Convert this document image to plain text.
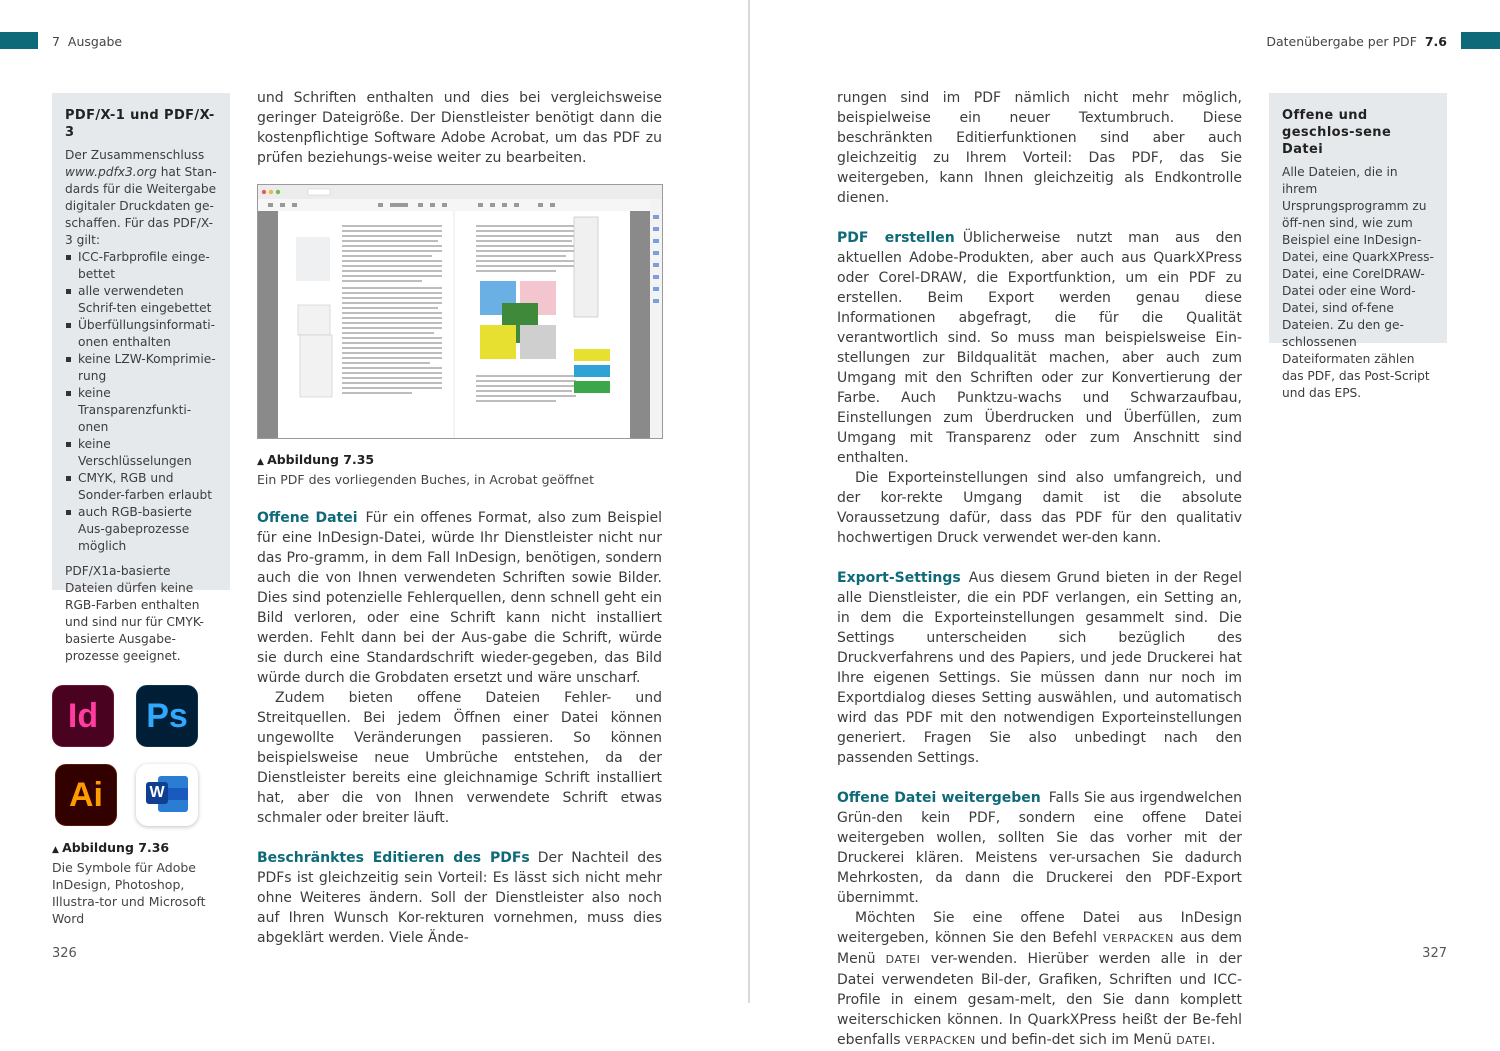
7 Ausgabe
PDF/X-1 und PDF/X-3

Der Zusammenschluss www.pdfx3.org hat Stan-dards für die Weitergabe digitaler Druckdaten ge-schaffen. Für das PDF/X-3 gilt:

ICC-Farbprofile einge-bettet
alle verwendeten Schrif-ten eingebettet
Überfüllungsinformati-onen enthalten
keine LZW-Komprimie-rung
keine Transparenzfunkti-onen
keine Verschlüsselungen
CMYK, RGB und Sonder-farben erlaubt
auch RGB-basierte Aus-gabeprozesse möglich

PDF/X1a-basierte Dateien dürfen keine RGB-Farben enthalten und sind nur für CMYK-basierte Ausgabe-prozesse geeignet.

und Schriften enthalten und dies bei vergleichsweise geringer Dateigröße. Der Dienstleister benötigt dann die kostenpflichtige Software Adobe Acrobat, um das PDF zu prüfen beziehungs-weise weiter zu bearbeiten.

▲ Abbildung 7.35
Ein PDF des vorliegenden Buches, in Acrobat geöffnet

Offene Datei Für ein offenes Format, also zum Beispiel für eine InDesign-Datei, würde Ihr Dienstleister nicht nur das Pro-gramm, in dem Fall InDesign, benötigen, sondern auch die von Ihnen verwendeten Schriften sowie Bilder. Dies sind potenzielle Fehlerquellen, denn schnell geht ein Bild verloren, oder eine Schrift kann nicht installiert werden. Fehlt dann bei der Aus-gabe die Schrift, würde sie durch eine Standardschrift wieder-gegeben, das Bild würde durch die Grobdaten ersetzt und wäre unscharf.

Zudem bieten offene Dateien Fehler- und Streitquellen. Bei jedem Öffnen einer Datei können ungewollte Veränderungen passieren. So können beispielsweise neue Umbrüche entstehen, da der Dienstleister bereits eine gleichnamige Schrift installiert hat, aber die von Ihnen verwendete Schrift etwas schmaler oder breiter läuft.

Beschränktes Editieren des PDFs Der Nachteil des PDFs ist gleichzeitig sein Vorteil: Es lässt sich nicht mehr ohne Weiteres ändern. Soll der Dienstleister also noch auf Ihren Wunsch Kor-rekturen vornehmen, muss dies abgeklärt werden. Viele Ände-

Id	Ps
Ai	W
▲ Abbildung 7.36
Die Symbole für Adobe InDesign, Photoshop, Illustra-tor und Microsoft Word
326
Datenübergabe per PDF 7.6

rungen sind im PDF nämlich nicht mehr möglich, beispielweise ein neuer Textumbruch. Diese beschränkten Editierfunktionen sind aber auch gleichzeitig zu Ihrem Vorteil: Das PDF, das Sie weitergeben, kann Ihnen gleichzeitig als Endkontrolle dienen.

PDF erstellen Üblicherweise nutzt man aus den aktuellen Adobe-Produkten, aber auch aus QuarkXPress oder Corel-DRAW, die Exportfunktion, um ein PDF zu erstellen. Beim Export werden genau diese Informationen abgefragt, die für die Qualität verantwortlich sind. So muss man beispielsweise Ein-stellungen zur Bildqualität machen, aber auch zum Umgang mit den Schriften oder zur Konvertierung der Farbe. Auch Punktzu-wachs und Schwarzaufbau, Einstellungen zum Überdrucken und Überfüllen, zum Umgang mit Transparenz oder zum Anschnitt sind enthalten.

Die Exporteinstellungen sind also umfangreich, und der kor-rekte Umgang damit ist die absolute Voraussetzung dafür, dass das PDF für den qualitativ hochwertigen Druck verwendet wer-den kann.

Export-Settings Aus diesem Grund bieten in der Regel alle Dienstleister, die ein PDF verlangen, ein Setting an, in dem die Exporteinstellungen gesammelt sind. Die Settings unterscheiden sich bezüglich des Druckverfahrens und des Papiers, und jede Druckerei hat Ihre eigenen Settings. Sie müssen dann nur noch im Exportdialog dieses Setting auswählen, und automatisch wird das PDF mit den notwendigen Exporteinstellungen generiert. Fragen Sie also unbedingt nach den passenden Settings.

Offene Datei weitergeben Falls Sie aus irgendwelchen Grün-den kein PDF, sondern eine offene Datei weitergeben wollen, sollten Sie das vorher mit der Druckerei klären. Meistens ver-ursachen Sie dadurch Mehrkosten, da dann die Druckerei den PDF-Export übernimmt.

Möchten Sie eine offene Datei aus InDesign weitergeben, können Sie den Befehl VERPACKEN aus dem Menü DATEI ver-wenden. Hierüber werden alle in der Datei verwendeten Bil-der, Grafiken, Schriften und ICC-Profile in einem gesam-melt, den Sie dann komplett weiterschicken können. In QuarkXPress heißt der Be-fehl ebenfalls VERPACKEN und befin-det sich im Menü DATEI.

Offene und geschlos-sene Datei

Alle Dateien, die in ihrem Ursprungsprogramm zu öff-nen sind, wie zum Beispiel eine InDesign-Datei, eine QuarkXPress-Datei, eine CorelDRAW-Datei oder eine Word-Datei, sind of-fene Dateien. Zu den ge-schlossenen Dateiformaten zählen das PDF, das Post-Script und das EPS.

327
